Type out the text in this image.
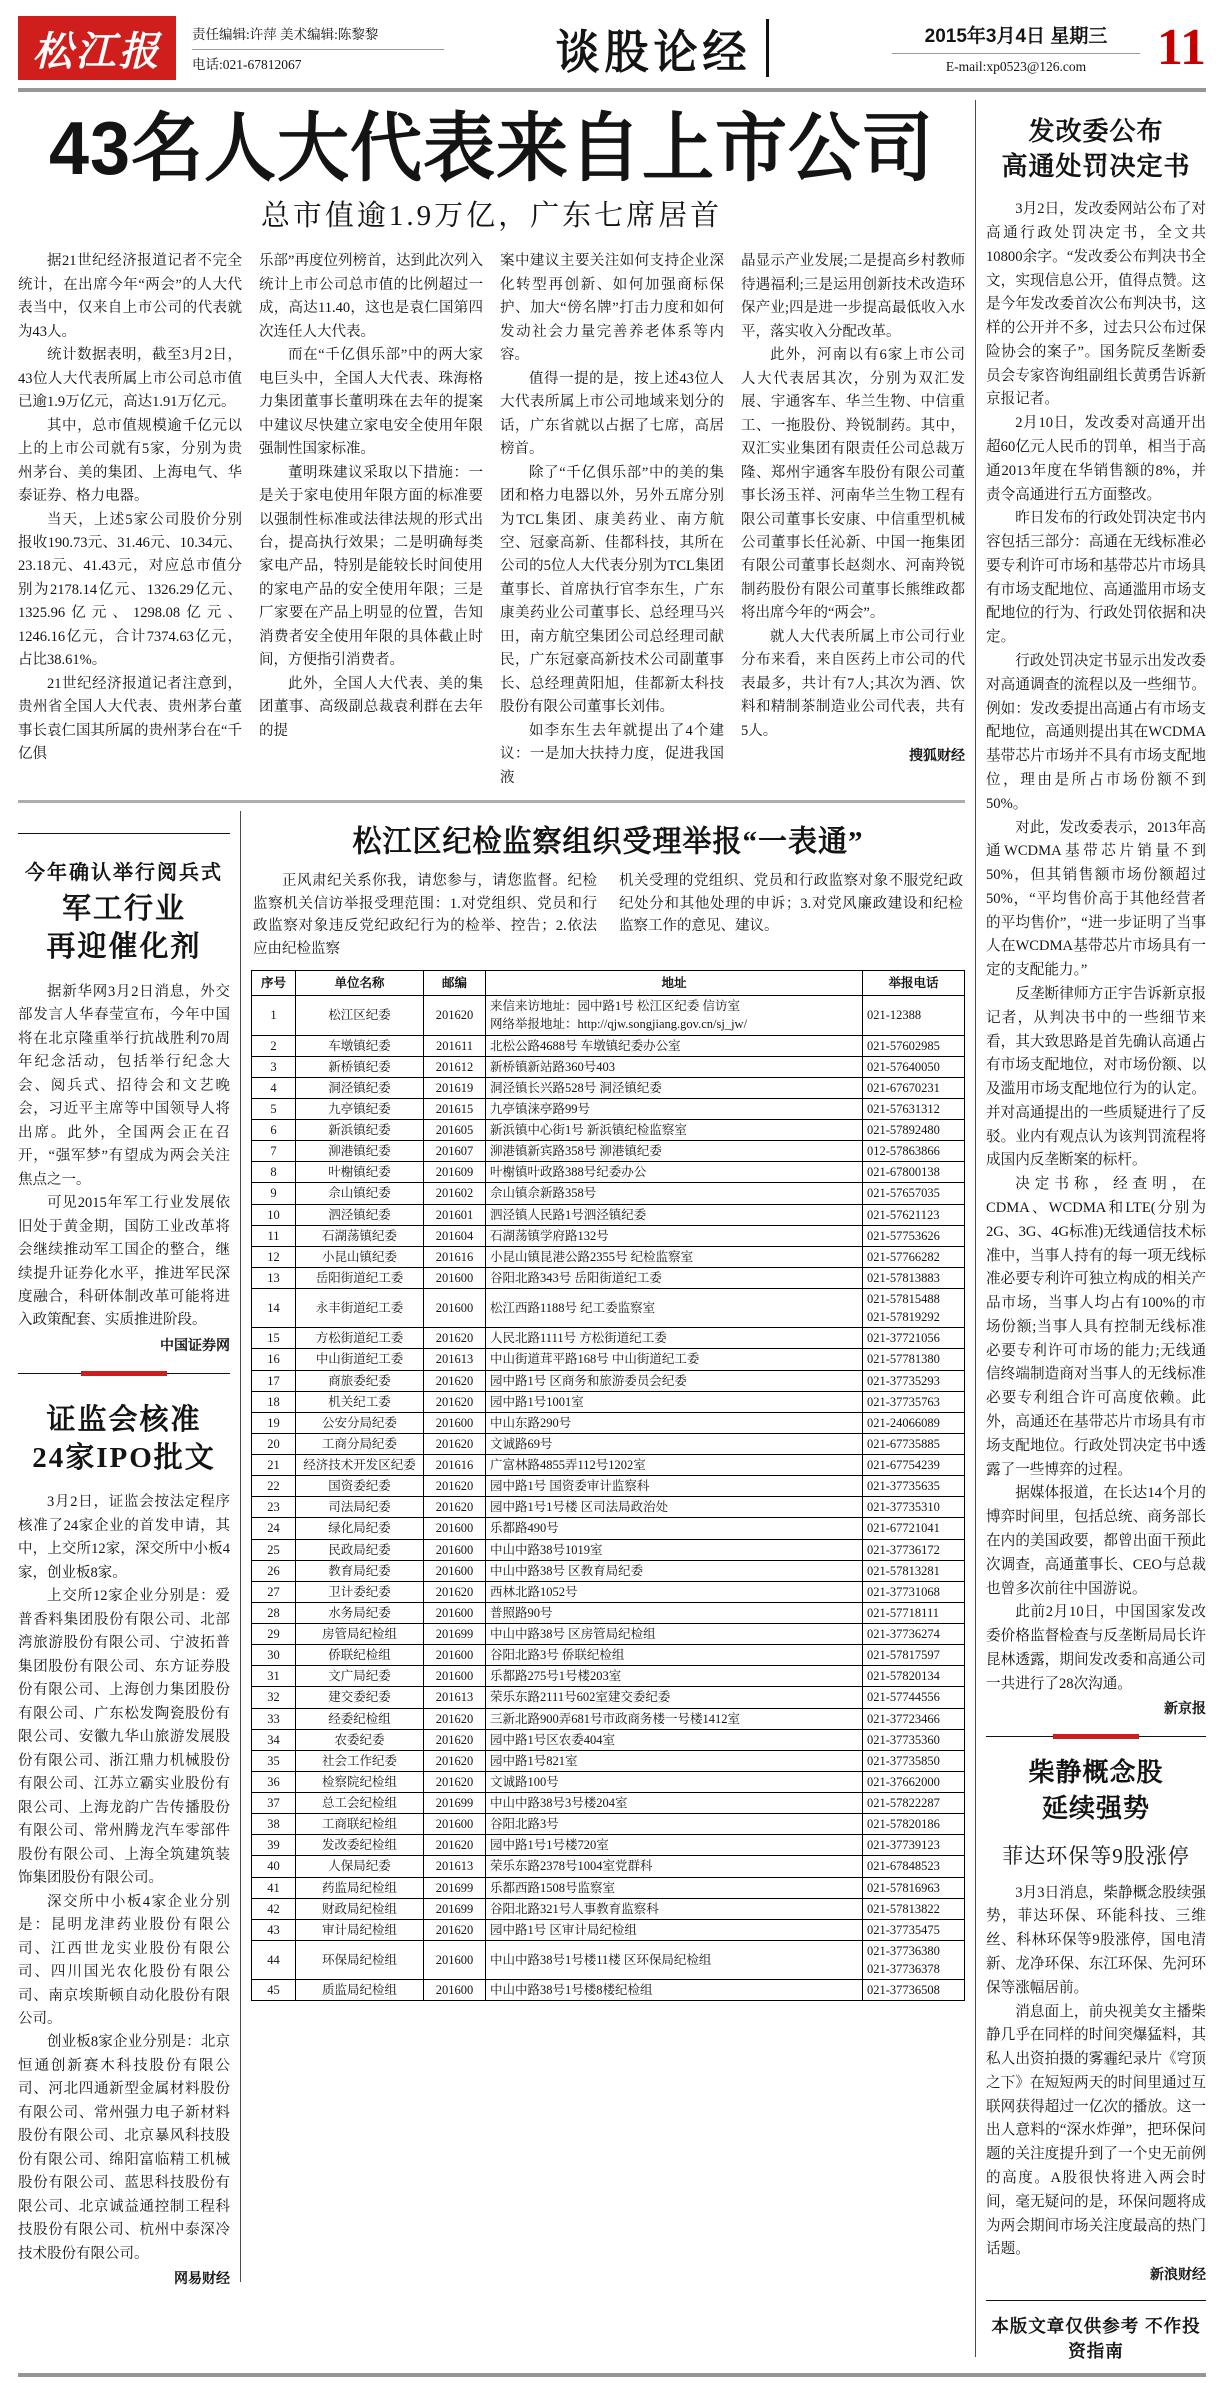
松江报 责任编辑:许萍 美术编辑:陈黎黎
电话:021-67812067	谈股论经	2015年3月4日 星期三
E-mail:xp0523@126.com	11
43名人大代表来自上市公司
总市值逾1.9万亿，广东七席居首

据21世纪经济报道记者不完全统计，在出席今年“两会”的人大代表当中，仅来自上市公司的代表就为43人。

统计数据表明，截至3月2日，43位人大代表所属上市公司总市值已逾1.9万亿元，高达1.91万亿元。

其中，总市值规模逾千亿元以上的上市公司就有5家，分别为贵州茅台、美的集团、上海电气、华泰证券、格力电器。

当天，上述5家公司股价分别报收190.73元、31.46元、10.34元、23.18元、41.43元，对应总市值分别为2178.14亿元、1326.29亿元、1325.96亿元、1298.08亿元、1246.16亿元，合计7374.63亿元，占比38.61%。

21世纪经济报道记者注意到，贵州省全国人大代表、贵州茅台董事长袁仁国其所属的贵州茅台在“千亿俱

乐部”再度位列榜首，达到此次列入统计上市公司总市值的比例超过一成，高达11.40，这也是袁仁国第四次连任人大代表。

而在“千亿俱乐部”中的两大家电巨头中，全国人大代表、珠海格力集团董事长董明珠在去年的提案中建议尽快建立家电安全使用年限强制性国家标准。

董明珠建议采取以下措施：一是关于家电使用年限方面的标准要以强制性标准或法律法规的形式出台，提高执行效果；二是明确每类家电产品，特别是能较长时间使用的家电产品的安全使用年限；三是厂家要在产品上明显的位置，告知消费者安全使用年限的具体截止时间，方便指引消费者。

此外，全国人大代表、美的集团董事、高级副总裁袁利群在去年的提

案中建议主要关注如何支持企业深化转型再创新、如何加强商标保护、加大“傍名牌”打击力度和如何发动社会力量完善养老体系等内容。

值得一提的是，按上述43位人大代表所属上市公司地域来划分的话，广东省就以占据了七席，高居榜首。

除了“千亿俱乐部”中的美的集团和格力电器以外，另外五席分别为TCL集团、康美药业、南方航空、冠豪高新、佳都科技，其所在公司的5位人大代表分别为TCL集团董事长、首席执行官李东生，广东康美药业公司董事长、总经理马兴田，南方航空集团公司总经理司献民，广东冠豪高新技术公司副董事长、总经理黄阳旭，佳都新太科技股份有限公司董事长刘伟。

如李东生去年就提出了4个建议：一是加大扶持力度，促进我国液

晶显示产业发展;二是提高乡村教师待遇福利;三是运用创新技术改造环保产业;四是进一步提高最低收入水平，落实收入分配改革。

此外，河南以有6家上市公司人大代表居其次，分别为双汇发展、宇通客车、华兰生物、中信重工、一拖股份、羚锐制药。其中，双汇实业集团有限责任公司总裁万隆、郑州宇通客车股份有限公司董事长汤玉祥、河南华兰生物工程有限公司董事长安康、中信重型机械公司董事长任沁新、中国一拖集团有限公司董事长赵剡水、河南羚锐制药股份有限公司董事长熊维政都将出席今年的“两会”。

就人大代表所属上市公司行业分布来看，来自医药上市公司的代表最多，共计有7人;其次为酒、饮料和精制茶制造业公司代表，共有5人。

搜狐财经
今年确认举行阅兵式
军工行业
再迎催化剂

据新华网3月2日消息，外交部发言人华春莹宣布，今年中国将在北京隆重举行抗战胜利70周年纪念活动，包括举行纪念大会、阅兵式、招待会和文艺晚会，习近平主席等中国领导人将出席。此外，全国两会正在召开，“强军梦”有望成为两会关注焦点之一。

可见2015年军工行业发展依旧处于黄金期，国防工业改革将会继续推动军工国企的整合，继续提升证券化水平，推进军民深度融合，科研体制改革可能将进入政策配套、实质推进阶段。

中国证券网
证监会核准
24家IPO批文

3月2日，证监会按法定程序核准了24家企业的首发申请，其中，上交所12家，深交所中小板4家，创业板8家。

上交所12家企业分别是：爱普香料集团股份有限公司、北部湾旅游股份有限公司、宁波拓普集团股份有限公司、东方证券股份有限公司、上海创力集团股份有限公司、广东松发陶瓷股份有限公司、安徽九华山旅游发展股份有限公司、浙江鼎力机械股份有限公司、江苏立霸实业股份有限公司、上海龙韵广告传播股份有限公司、常州腾龙汽车零部件股份有限公司、上海全筑建筑装饰集团股份有限公司。

深交所中小板4家企业分别是：昆明龙津药业股份有限公司、江西世龙实业股份有限公司、四川国光农化股份有限公司、南京埃斯顿自动化股份有限公司。

创业板8家企业分别是：北京恒通创新赛木科技股份有限公司、河北四通新型金属材料股份有限公司、常州强力电子新材料股份有限公司、北京暴风科技股份有限公司、绵阳富临精工机械股份有限公司、蓝思科技股份有限公司、北京诚益通控制工程科技股份有限公司、杭州中泰深冷技术股份有限公司。

网易财经
松江区纪检监察组织受理举报“一表通”
正风肃纪关系你我，请您参与，请您监督。纪检监察机关信访举报受理范围：1.对党组织、党员和行政监察对象违反党纪政纪行为的检举、控告；2.依法应由纪检监察
机关受理的党组织、党员和行政监察对象不服党纪政纪处分和其他处理的申诉；3.对党风廉政建设和纪检监察工作的意见、建议。
序号	单位名称	邮编	地址	举报电话
1	松江区纪委	201620	来信来访地址：园中路1号 松江区纪委 信访室
网络举报地址：http://qjw.songjiang.gov.cn/sj_jw/	021-12388

2	车墩镇纪委	201611	北松公路4688号 车墩镇纪委办公室	021-57602985

3	新桥镇纪委	201612	新桥镇新站路360号403	021-57640050

4	洞泾镇纪委	201619	洞泾镇长兴路528号 洞泾镇纪委	021-67670231

5	九亭镇纪委	201615	九亭镇涞亭路99号	021-57631312

6	新浜镇纪委	201605	新浜镇中心街1号 新浜镇纪检监察室	021-57892480

7	泖港镇纪委	201607	泖港镇新宾路358号 泖港镇纪委	012-57863866

8	叶榭镇纪委	201609	叶榭镇叶政路388号纪委办公	021-67800138

9	佘山镇纪委	201602	佘山镇佘新路358号	021-57657035

10	泗泾镇纪委	201601	泗泾镇人民路1号泗泾镇纪委	021-57621123

11	石湖荡镇纪委	201604	石湖荡镇学府路132号	021-57753626

12	小昆山镇纪委	201616	小昆山镇昆港公路2355号 纪检监察室	021-57766282

13	岳阳街道纪工委	201600	谷阳北路343号 岳阳街道纪工委	021-57813883

14	永丰街道纪工委	201600	松江西路1188号 纪工委监察室	021-57815488
021-57819292

15	方松街道纪工委	201620	人民北路1111号 方松街道纪工委	021-37721056

16	中山街道纪工委	201613	中山街道茸平路168号 中山街道纪工委	021-57781380

17	商旅委纪委	201620	园中路1号 区商务和旅游委员会纪委	021-37735293

18	机关纪工委	201620	园中路1号1001室	021-37735763

19	公安分局纪委	201600	中山东路290号	021-24066089

20	工商分局纪委	201620	文诚路69号	021-67735885

21	经济技术开发区纪委	201616	广富林路4855弄112号1202室	021-67754239

22	国资委纪委	201620	园中路1号 国资委审计监察科	021-37735635

23	司法局纪委	201620	园中路1号1号楼 区司法局政治处	021-37735310

24	绿化局纪委	201600	乐都路490号	021-67721041

25	民政局纪委	201600	中山中路38号1019室	021-37736172

26	教育局纪委	201600	中山中路38号 区教育局纪委	021-57813281

27	卫计委纪委	201620	西林北路1052号	021-37731068

28	水务局纪委	201600	普照路90号	021-57718111

29	房管局纪检组	201699	中山中路38号 区房管局纪检组	021-37736274

30	侨联纪检组	201600	谷阳北路3号 侨联纪检组	021-57817597

31	文广局纪委	201600	乐都路275号1号楼203室	021-57820134

32	建交委纪委	201613	荣乐东路2111号602室建交委纪委	021-57744556

33	经委纪检组	201620	三新北路900弄681号市政商务楼一号楼1412室	021-37723466

34	农委纪委	201620	园中路1号区农委404室	021-37735360

35	社会工作纪委	201620	园中路1号821室	021-37735850

36	检察院纪检组	201620	文诚路100号	021-37662000

37	总工会纪检组	201699	中山中路38号3号楼204室	021-57822287

38	工商联纪检组	201600	谷阳北路3号	021-57820186

39	发改委纪检组	201620	园中路1号1号楼720室	021-37739123

40	人保局纪委	201613	荣乐东路2378号1004室党群科	021-67848523

41	药监局纪检组	201699	乐都西路1508号监察室	021-57816963

42	财政局纪检组	201699	谷阳北路321号人事教育监察科	021-57813822

43	审计局纪检组	201620	园中路1号 区审计局纪检组	021-37735475

44	环保局纪检组	201600	中山中路38号1号楼11楼 区环保局纪检组	021-37736380
021-37736378

45	质监局纪检组	201600	中山中路38号1号楼8楼纪检组	021-37736508
发改委公布
高通处罚决定书

3月2日，发改委网站公布了对高通行政处罚决定书，全文共10800余字。“发改委公布判决书全文，实现信息公开，值得点赞。这是今年发改委首次公布判决书，这样的公开并不多，过去只公布过保险协会的案子”。国务院反垄断委员会专家咨询组副组长黄勇告诉新京报记者。

2月10日，发改委对高通开出超60亿元人民币的罚单，相当于高通2013年度在华销售额的8%，并责令高通进行五方面整改。

昨日发布的行政处罚决定书内容包括三部分：高通在无线标准必要专利许可市场和基带芯片市场具有市场支配地位、高通滥用市场支配地位的行为、行政处罚依据和决定。

行政处罚决定书显示出发改委对高通调查的流程以及一些细节。例如：发改委提出高通占有市场支配地位，高通则提出其在WCDMA基带芯片市场并不具有市场支配地位，理由是所占市场份额不到50%。

对此，发改委表示，2013年高通WCDMA基带芯片销量不到50%，但其销售额市场份额超过50%，“平均售价高于其他经营者的平均售价”，“进一步证明了当事人在WCDMA基带芯片市场具有一定的支配能力。”

反垄断律师方正宇告诉新京报记者，从判决书中的一些细节来看，其大致思路是首先确认高通占有市场支配地位，对市场份额、以及滥用市场支配地位行为的认定。并对高通提出的一些质疑进行了反驳。业内有观点认为该判罚流程将成国内反垄断案的标杆。

决定书称，经查明，在CDMA、WCDMA和LTE(分别为2G、3G、4G标准)无线通信技术标准中，当事人持有的每一项无线标准必要专利许可独立构成的相关产品市场，当事人均占有100%的市场份额;当事人具有控制无线标准必要专利许可市场的能力;无线通信终端制造商对当事人的无线标准必要专利组合许可高度依赖。此外，高通还在基带芯片市场具有市场支配地位。行政处罚决定书中透露了一些博弈的过程。

据媒体报道，在长达14个月的博弈时间里，包括总统、商务部长在内的美国政要，都曾出面干预此次调查，高通董事长、CEO与总裁也曾多次前往中国游说。

此前2月10日，中国国家发改委价格监督检查与反垄断局局长许昆林透露，期间发改委和高通公司一共进行了28次沟通。

新京报
柴静概念股
延续强势
菲达环保等9股涨停

3月3日消息，柴静概念股续强势，菲达环保、环能科技、三维丝、科林环保等9股涨停，国电清新、龙净环保、东江环保、先河环保等涨幅居前。

消息面上，前央视美女主播柴静几乎在同样的时间突爆猛料，其私人出资拍摄的雾霾纪录片《穹顶之下》在短短两天的时间里通过互联网获得超过一亿次的播放。这一出人意料的“深水炸弹”，把环保问题的关注度提升到了一个史无前例的高度。A股很快将进入两会时间，毫无疑问的是，环保问题将成为两会期间市场关注度最高的热门话题。

新浪财经
本版文章仅供参考 不作投资指南
